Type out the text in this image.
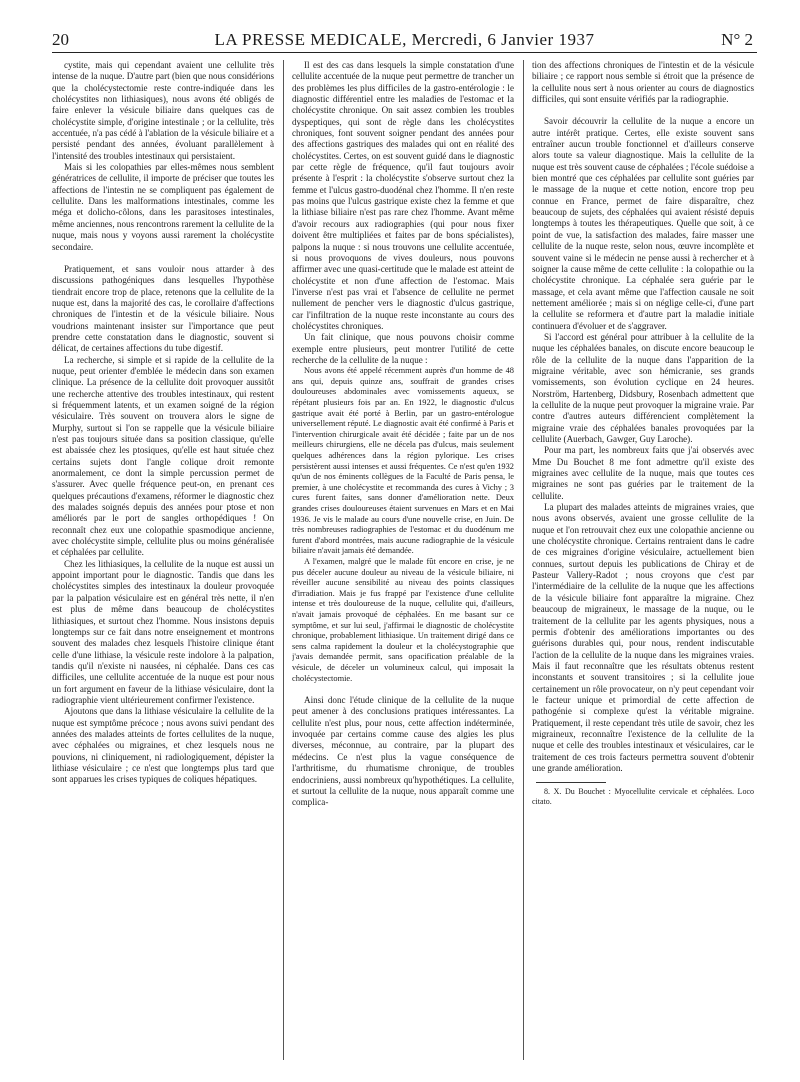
20	LA PRESSE MEDICALE, Mercredi, 6 Janvier 1937	N° 2

cystite, mais qui cependant avaient une cellulite très intense de la nuque. D'autre part (bien que nous considérions que la cholécystectomie reste contre-indiquée dans les cholécystites non lithiasiques), nous avons été obligés de faire enlever la vésicule biliaire dans quelques cas de cholécystite simple, d'origine intestinale ; or la cellulite, très accentuée, n'a pas cédé à l'ablation de la vésicule biliaire et a persisté pendant des années, évoluant parallèlement à l'intensité des troubles intestinaux qui persistaient.

Mais si les colopathies par elles-mêmes nous semblent génératrices de cellulite, il importe de préciser que toutes les affections de l'intestin ne se compliquent pas également de cellulite. Dans les malformations intestinales, comme les méga et dolicho-côlons, dans les parasitoses intestinales, même anciennes, nous rencontrons rarement la cellulite de la nuque, mais nous y voyons aussi rarement la cholécystite secondaire.

Pratiquement, et sans vouloir nous attarder à des discussions pathogéniques dans lesquelles l'hypothèse tiendrait encore trop de place, retenons que la cellulite de la nuque est, dans la majorité des cas, le corollaire d'affections chroniques de l'intestin et de la vésicule biliaire. Nous voudrions maintenant insister sur l'importance que peut prendre cette constatation dans le diagnostic, souvent si délicat, de certaines affections du tube digestif.

La recherche, si simple et si rapide de la cellulite de la nuque, peut orienter d'emblée le médecin dans son examen clinique. La présence de la cellulite doit provoquer aussitôt une recherche attentive des troubles intestinaux, qui restent si fréquemment latents, et un examen soigné de la région vésiculaire. Très souvent on trouvera alors le signe de Murphy, surtout si l'on se rappelle que la vésicule biliaire n'est pas toujours située dans sa position classique, qu'elle est abaissée chez les ptosiques, qu'elle est haut située chez certains sujets dont l'angle colique droit remonte anormalement, ce dont la simple percussion permet de s'assurer. Avec quelle fréquence peut-on, en prenant ces quelques précautions d'examens, réformer le diagnostic chez des malades soignés depuis des années pour ptose et non améliorés par le port de sangles orthopédiques ! On reconnaît chez eux une colopathie spasmodique ancienne, avec cholécystite simple, cellulite plus ou moins généralisée et céphalées par cellulite.

Chez les lithiasiques, la cellulite de la nuque est aussi un appoint important pour le diagnostic. Tandis que dans les cholécystites simples des intestinaux la douleur provoquée par la palpation vésiculaire est en général très nette, il n'en est plus de même dans beaucoup de cholécystites lithiasiques, et surtout chez l'homme. Nous insistons depuis longtemps sur ce fait dans notre enseignement et montrons souvent des malades chez lesquels l'histoire clinique étant celle d'une lithiase, la vésicule reste indolore à la palpation, tandis qu'il n'existe ni nausées, ni céphalée. Dans ces cas difficiles, une cellulite accentuée de la nuque est pour nous un fort argument en faveur de la lithiase vésiculaire, dont la radiographie vient ultérieurement confirmer l'existence.

Ajoutons que dans la lithiase vésiculaire la cellulite de la nuque est symptôme précoce ; nous avons suivi pendant des années des malades atteints de fortes cellulites de la nuque, avec céphalées ou migraines, et chez lesquels nous ne pouvions, ni cliniquement, ni radiologiquement, dépister la lithiase vésiculaire ; ce n'est que longtemps plus tard que sont apparues les crises typiques de coliques hépatiques.

Il est des cas dans lesquels la simple constatation d'une cellulite accentuée de la nuque peut permettre de trancher un des problèmes les plus difficiles de la gastro-entérologie : le diagnostic différentiel entre les maladies de l'estomac et la cholécystite chronique. On sait assez combien les troubles dyspeptiques, qui sont de règle dans les cholécystites chroniques, font souvent soigner pendant des années pour des affections gastriques des malades qui ont en réalité des cholécystites. Certes, on est souvent guidé dans le diagnostic par cette règle de fréquence, qu'il faut toujours avoir présente à l'esprit : la cholécystite s'observe surtout chez la femme et l'ulcus gastro-duodénal chez l'homme. Il n'en reste pas moins que l'ulcus gastrique existe chez la femme et que la lithiase biliaire n'est pas rare chez l'homme. Avant même d'avoir recours aux radiographies (qui pour nous fixer doivent être multipliées et faites par de bons spécialistes), palpons la nuque : si nous trouvons une cellulite accentuée, si nous provoquons de vives douleurs, nous pouvons affirmer avec une quasi-certitude que le malade est atteint de cholécystite et non d'une affection de l'estomac. Mais l'inverse n'est pas vrai et l'absence de cellulite ne permet nullement de pencher vers le diagnostic d'ulcus gastrique, car l'infiltration de la nuque reste inconstante au cours des cholécystites chroniques.

Un fait clinique, que nous pouvons choisir comme exemple entre plusieurs, peut montrer l'utilité de cette recherche de la cellulite de la nuque :

Nous avons été appelé récemment auprès d'un homme de 48 ans qui, depuis quinze ans, souffrait de grandes crises douloureuses abdominales avec vomissements aqueux, se répétant plusieurs fois par an. En 1922, le diagnostic d'ulcus gastrique avait été porté à Berlin, par un gastro-entérologue universellement réputé. Le diagnostic avait été confirmé à Paris et l'intervention chirurgicale avait été décidée ; faite par un de nos meilleurs chirurgiens, elle ne décela pas d'ulcus, mais seulement quelques adhérences dans la région pylorique. Les crises persistèrent aussi intenses et aussi fréquentes. Ce n'est qu'en 1932 qu'un de nos éminents collègues de la Faculté de Paris pensa, le premier, à une cholécystite et recommanda des cures à Vichy ; 3 cures furent faites, sans donner d'amélioration nette. Deux grandes crises douloureuses étaient survenues en Mars et en Mai 1936. Je vis le malade au cours d'une nouvelle crise, en Juin. De très nombreuses radiographies de l'estomac et du duodénum me furent d'abord montrées, mais aucune radiographie de la vésicule biliaire n'avait jamais été demandée.

A l'examen, malgré que le malade fût encore en crise, je ne pus déceler aucune douleur au niveau de la vésicule biliaire, ni réveiller aucune sensibilité au niveau des points classiques d'irradiation. Mais je fus frappé par l'existence d'une cellulite intense et très douloureuse de la nuque, cellulite qui, d'ailleurs, n'avait jamais provoqué de céphalées. En me basant sur ce symptôme, et sur lui seul, j'affirmai le diagnostic de cholécystite chronique, probablement lithiasique. Un traitement dirigé dans ce sens calma rapidement la douleur et la cholécystographie que j'avais demandée permit, sans opacification préalable de la vésicule, de déceler un volumineux calcul, qui imposait la cholécystectomie.

Ainsi donc l'étude clinique de la cellulite de la nuque peut amener à des conclusions pratiques intéressantes. La cellulite n'est plus, pour nous, cette affection indéterminée, invoquée par certains comme cause des algies les plus diverses, méconnue, au contraire, par la plupart des médecins. Ce n'est plus la vague conséquence de l'arthritisme, du rhumatisme chronique, de troubles endocriniens, aussi nombreux qu'hypothétiques. La cellulite, et surtout la cellulite de la nuque, nous apparaît comme une complica-

tion des affections chroniques de l'intestin et de la vésicule biliaire ; ce rapport nous semble si étroit que la présence de la cellulite nous sert à nous orienter au cours de diagnostics difficiles, qui sont ensuite vérifiés par la radiographie.

Savoir découvrir la cellulite de la nuque a encore un autre intérêt pratique. Certes, elle existe souvent sans entraîner aucun trouble fonctionnel et d'ailleurs conserve alors toute sa valeur diagnostique. Mais la cellulite de la nuque est très souvent cause de céphalées ; l'école suédoise a bien montré que ces céphalées par cellulite sont guéries par le massage de la nuque et cette notion, encore trop peu connue en France, permet de faire disparaître, chez beaucoup de sujets, des céphalées qui avaient résisté depuis longtemps à toutes les thérapeutiques. Quelle que soit, à ce point de vue, la satisfaction des malades, faire masser une cellulite de la nuque reste, selon nous, œuvre incomplète et souvent vaine si le médecin ne pense aussi à rechercher et à soigner la cause même de cette cellulite : la colopathie ou la cholécystite chronique. La céphalée sera guérie par le massage, et cela avant même que l'affection causale ne soit nettement améliorée ; mais si on néglige celle-ci, d'une part la cellulite se reformera et d'autre part la maladie initiale continuera d'évoluer et de s'aggraver.

Si l'accord est général pour attribuer à la cellulite de la nuque les céphalées banales, on discute encore beaucoup le rôle de la cellulite de la nuque dans l'apparition de la migraine véritable, avec son hémicranie, ses grands vomissements, son évolution cyclique en 24 heures. Norström, Hartenberg, Didsbury, Rosenbach admettent que la cellulite de la nuque peut provoquer la migraine vraie. Par contre d'autres auteurs différencient complètement la migraine vraie des céphalées banales provoquées par la cellulite (Auerbach, Gawger, Guy Laroche).

Pour ma part, les nombreux faits que j'ai observés avec Mme Du Bouchet 8 me font admettre qu'il existe des migraines avec cellulite de la nuque, mais que toutes ces migraines ne sont pas guéries par le traitement de la cellulite.

La plupart des malades atteints de migraines vraies, que nous avons observés, avaient une grosse cellulite de la nuque et l'on retrouvait chez eux une colopathie ancienne ou une cholécystite chronique. Certains rentraient dans le cadre de ces migraines d'origine vésiculaire, actuellement bien connues, surtout depuis les publications de Chiray et de Pasteur Vallery-Radot ; nous croyons que c'est par l'intermédiaire de la cellulite de la nuque que les affections de la vésicule biliaire font apparaître la migraine. Chez beaucoup de migraineux, le massage de la nuque, ou le traitement de la cellulite par les agents physiques, nous a permis d'obtenir des améliorations importantes ou des guérisons durables qui, pour nous, rendent indiscutable l'action de la cellulite de la nuque dans les migraines vraies. Mais il faut reconnaître que les résultats obtenus restent inconstants et souvent transitoires ; si la cellulite joue certainement un rôle provocateur, on n'y peut cependant voir le facteur unique et primordial de cette affection de pathogénie si complexe qu'est la véritable migraine. Pratiquement, il reste cependant très utile de savoir, chez les migraineux, reconnaître l'existence de la cellulite de la nuque et celle des troubles intestinaux et vésiculaires, car le traitement de ces trois facteurs permettra souvent d'obtenir une grande amélioration.

8. X. Du Bouchet : Myocellulite cervicale et céphalées. Loco citato.
